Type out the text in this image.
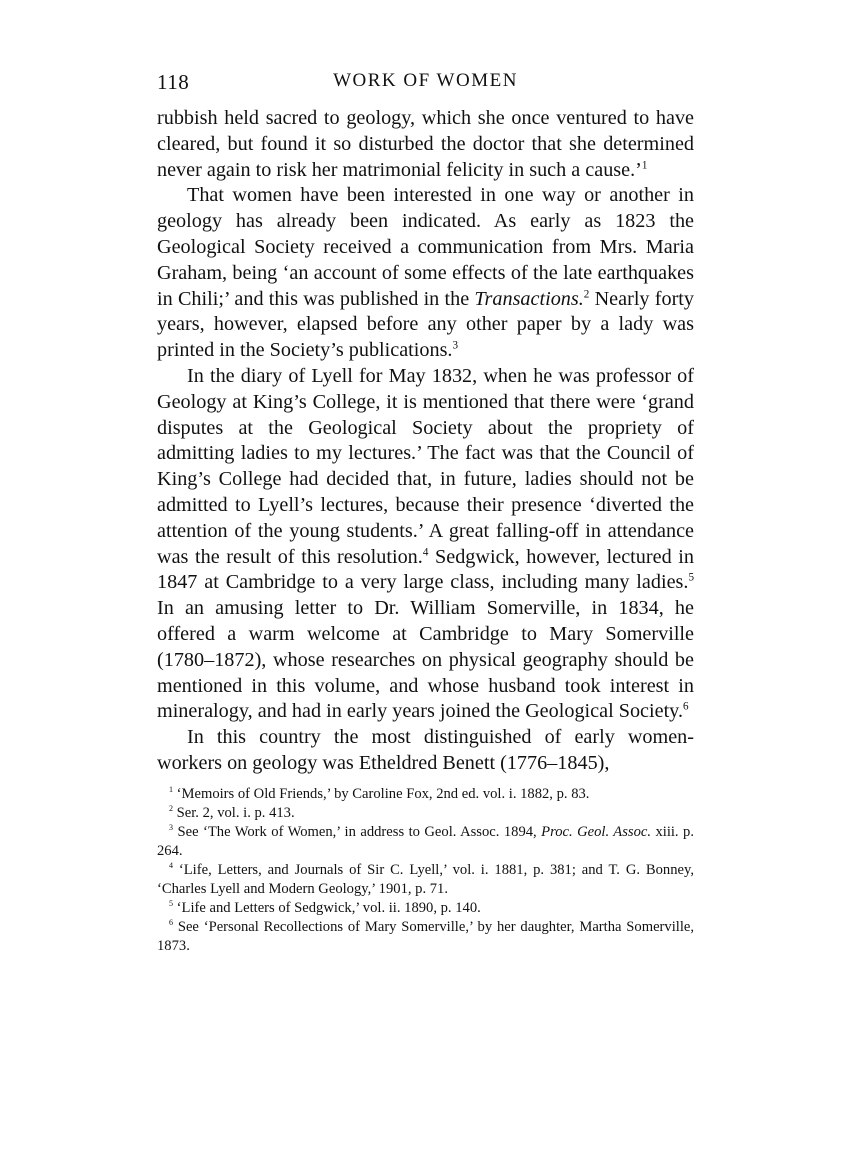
118	WORK OF WOMEN

rubbish held sacred to geology, which she once ventured to have cleared, but found it so disturbed the doctor that she determined never again to risk her matrimonial felicity in such a cause.’$^1$

That women have been interested in one way or another in geology has already been indicated. As early as 1823 the Geological Society received a communication from Mrs. Maria Graham, being ‘an account of some effects of the late earthquakes in Chili;’ and this was published in the Transactions.$^2$ Nearly forty years, however, elapsed before any other paper by a lady was printed in the Society’s publications.$^3$

In the diary of Lyell for May 1832, when he was professor of Geology at King’s College, it is mentioned that there were ‘grand disputes at the Geological Society about the propriety of admitting ladies to my lectures.’ The fact was that the Council of King’s College had decided that, in future, ladies should not be admitted to Lyell’s lectures, because their presence ‘diverted the attention of the young students.’ A great falling-off in attendance was the result of this resolution.$^4$ Sedgwick, however, lectured in 1847 at Cambridge to a very large class, including many ladies.$^5$ In an amusing letter to Dr. William Somerville, in 1834, he offered a warm welcome at Cambridge to Mary Somerville (1780–1872), whose researches on physical geography should be mentioned in this volume, and whose husband took interest in mineralogy, and had in early years joined the Geological Society.$^6$

In this country the most distinguished of early women-workers on geology was Etheldred Benett (1776–1845),

$^1$ ‘Memoirs of Old Friends,’ by Caroline Fox, 2nd ed. vol. i. 1882, p. 83.

$^2$ Ser. 2, vol. i. p. 413.

$^3$ See ‘The Work of Women,’ in address to Geol. Assoc. 1894, Proc. Geol. Assoc. xiii. p. 264.

$^4$ ‘Life, Letters, and Journals of Sir C. Lyell,’ vol. i. 1881, p. 381; and T. G. Bonney, ‘Charles Lyell and Modern Geology,’ 1901, p. 71.

$^5$ ‘Life and Letters of Sedgwick,’ vol. ii. 1890, p. 140.

$^6$ See ‘Personal Recollections of Mary Somerville,’ by her daughter, Martha Somerville, 1873.
